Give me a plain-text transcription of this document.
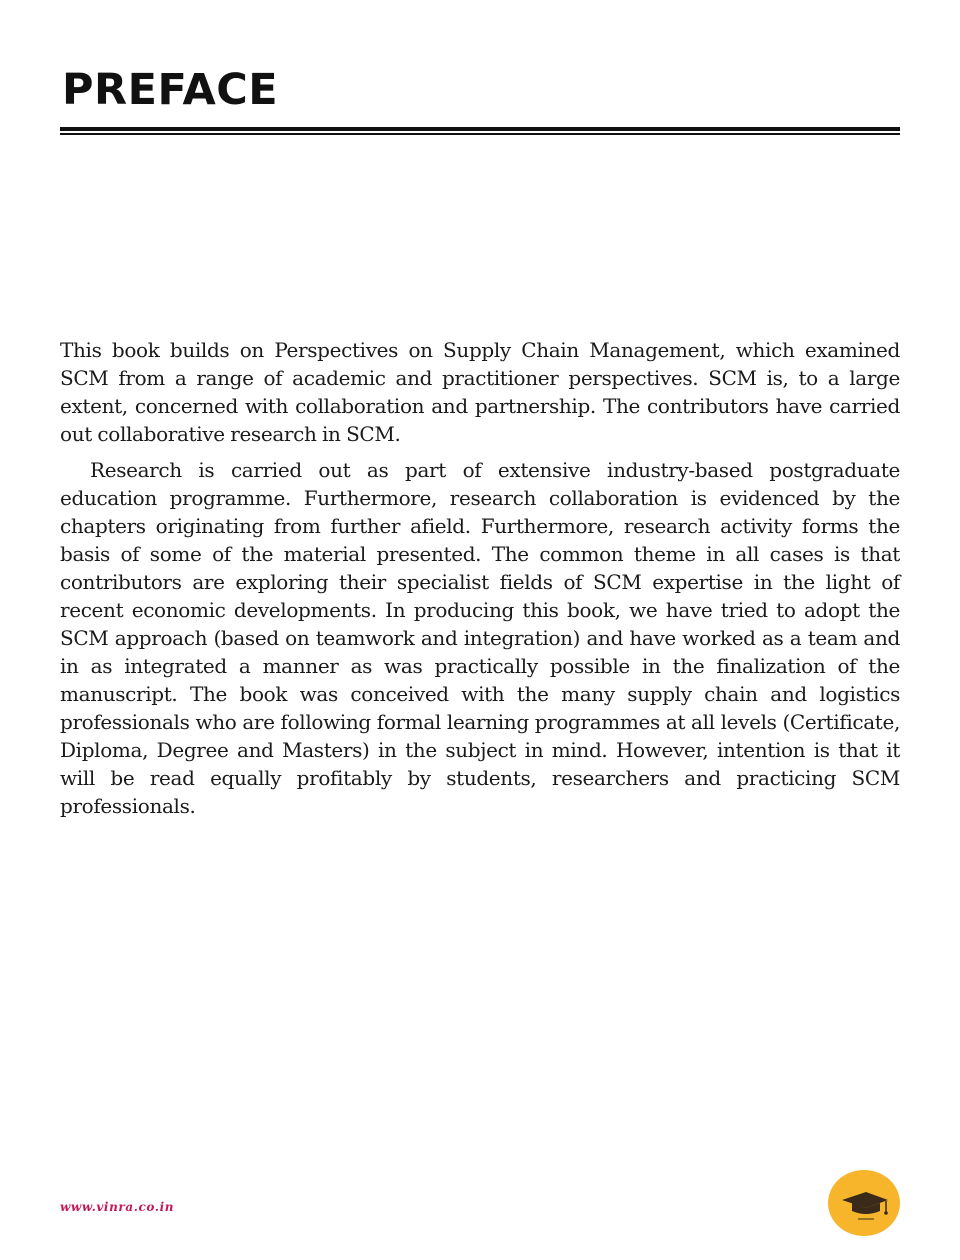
PREFACE

This book builds on Perspectives on Supply Chain Management, which examined SCM from a range of academic and practitioner perspectives. SCM is, to a large extent, concerned with collaboration and partnership. The contributors have carried out collaborative research in SCM.

Research is carried out as part of extensive industry-based postgraduate education programme. Furthermore, research collaboration is evidenced by the chapters originating from further afield. Furthermore, research activity forms the basis of some of the material presented. The common theme in all cases is that contributors are exploring their specialist fields of SCM expertise in the light of recent economic developments. In producing this book, we have tried to adopt the SCM approach (based on teamwork and integration) and have worked as a team and in as integrated a manner as was practically possible in the finalization of the manuscript. The book was conceived with the many supply chain and logistics professionals who are following formal learning programmes at all levels (Certificate, Diploma, Degree and Masters) in the subject in mind. However, intention is that it will be read equally profitably by students, researchers and practicing SCM professionals.

www.vinra.co.in
